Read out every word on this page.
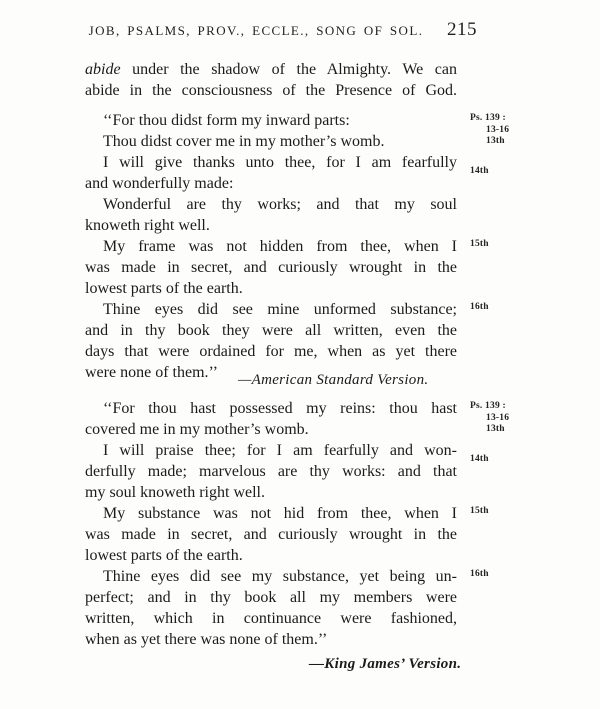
JOB, PSALMS, PROV., ECCLE., SONG OF SOL. 215
abide under the shadow of the Almighty. We can
abide in the consciousness of the Presence of God.
‘‘For thou didst form my inward parts:
Thou didst cover me in my mother’s womb.
Ps. 139 :
13-16
13th
I will give thanks unto thee, for I am fearfully
and wonderfully made:
14th
Wonderful are thy works; and that my soul
knoweth right well.
My frame was not hidden from thee, when I
was made in secret, and curiously wrought in the
lowest parts of the earth.
15th
Thine eyes did see mine unformed substance;
and in thy book they were all written, even the
days that were ordained for me, when as yet there
were none of them.’’ —American Standard Version.
16th
‘‘For thou hast possessed my reins: thou hast
covered me in my mother’s womb.
Ps. 139 :
13-16
13th
I will praise thee; for I am fearfully and won-
derfully made; marvelous are thy works: and that
my soul knoweth right well.
14th
My substance was not hid from thee, when I
was made in secret, and curiously wrought in the
lowest parts of the earth.
15th
Thine eyes did see my substance, yet being un-
perfect; and in thy book all my members were
written, which in continuance were fashioned,
when as yet there was none of them.’’
16th
—King James’ Version.
